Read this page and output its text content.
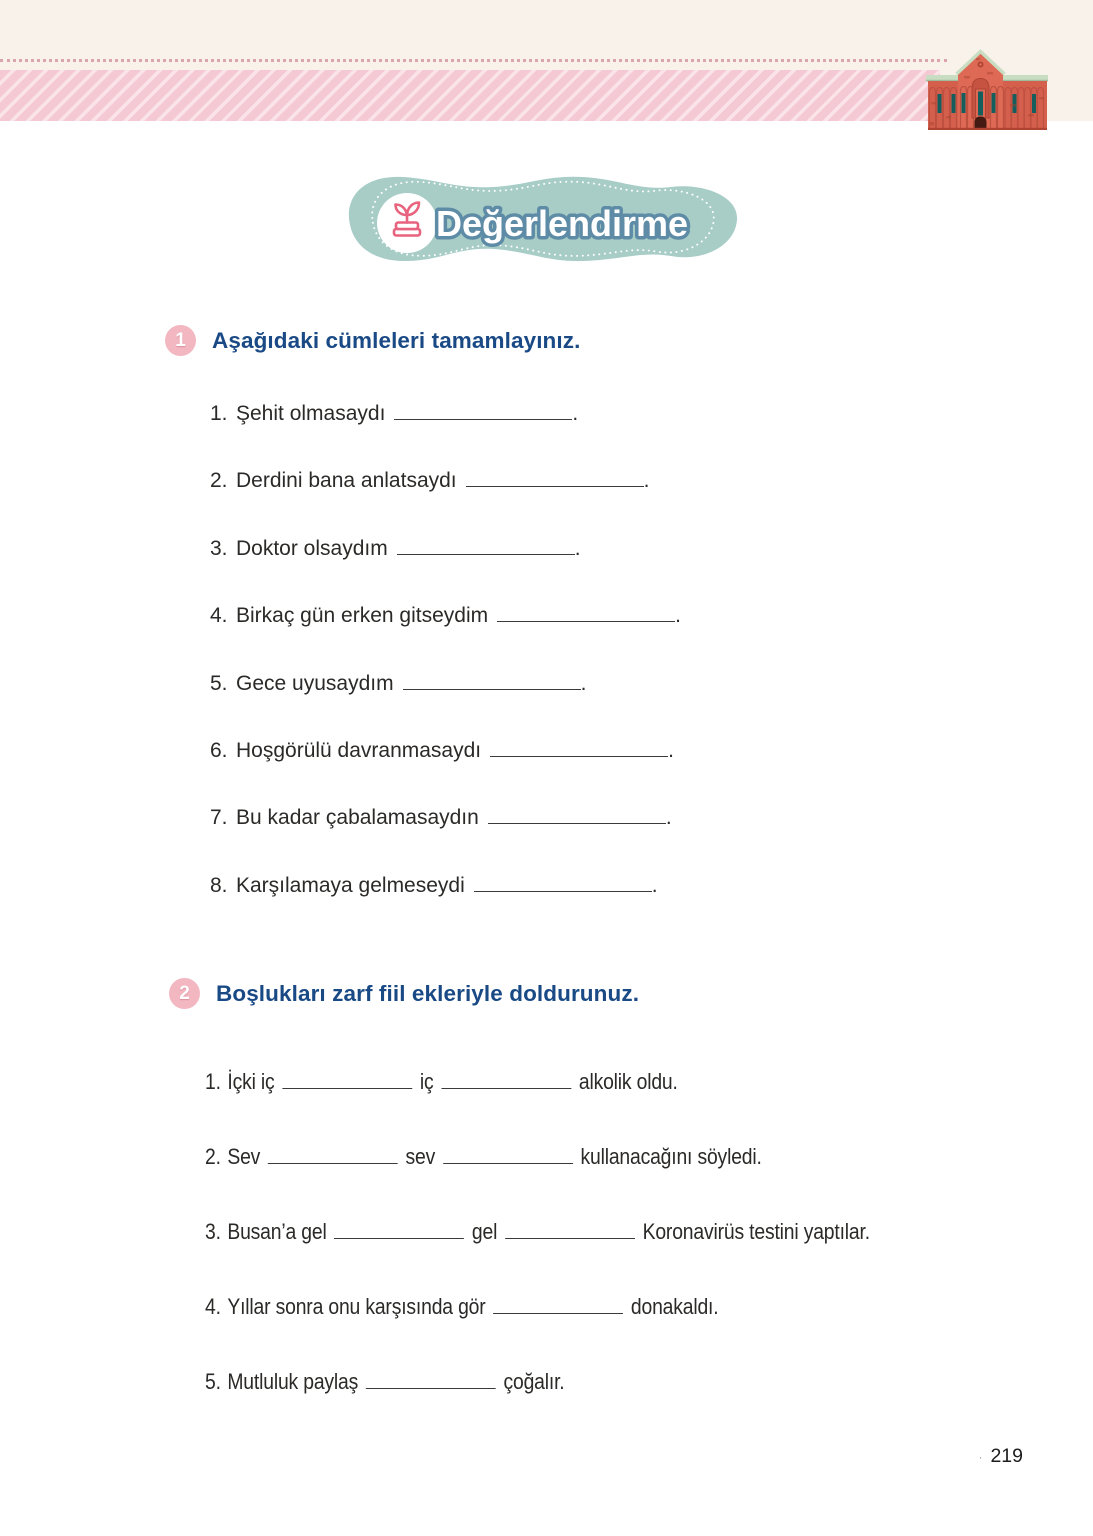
Değerlendirme
1	Aşağıdaki cümleleri tamamlayınız.
1. Şehit olmasaydı	.
2. Derdini bana anlatsaydı	.
3. Doktor olsaydım	.
4. Birkaç gün erken gitseydim	.
5. Gece uyusaydım	.
6. Hoşgörülü davranmasaydı	.
7. Bu kadar çabalamasaydın	.
8. Karşılamaya gelmeseydi	.
2	Boşlukları zarf fiil ekleriyle doldurunuz.
1. İçki iç	iç	alkolik oldu.
2. Sev	sev	kullanacağını söyledi.
3. Busan’a gel	gel	Koronavirüs testini yaptılar.
4. Yıllar sonra onu karşısında gör	donakaldı.
5. Mutluluk paylaş	çoğalır.
· 219
